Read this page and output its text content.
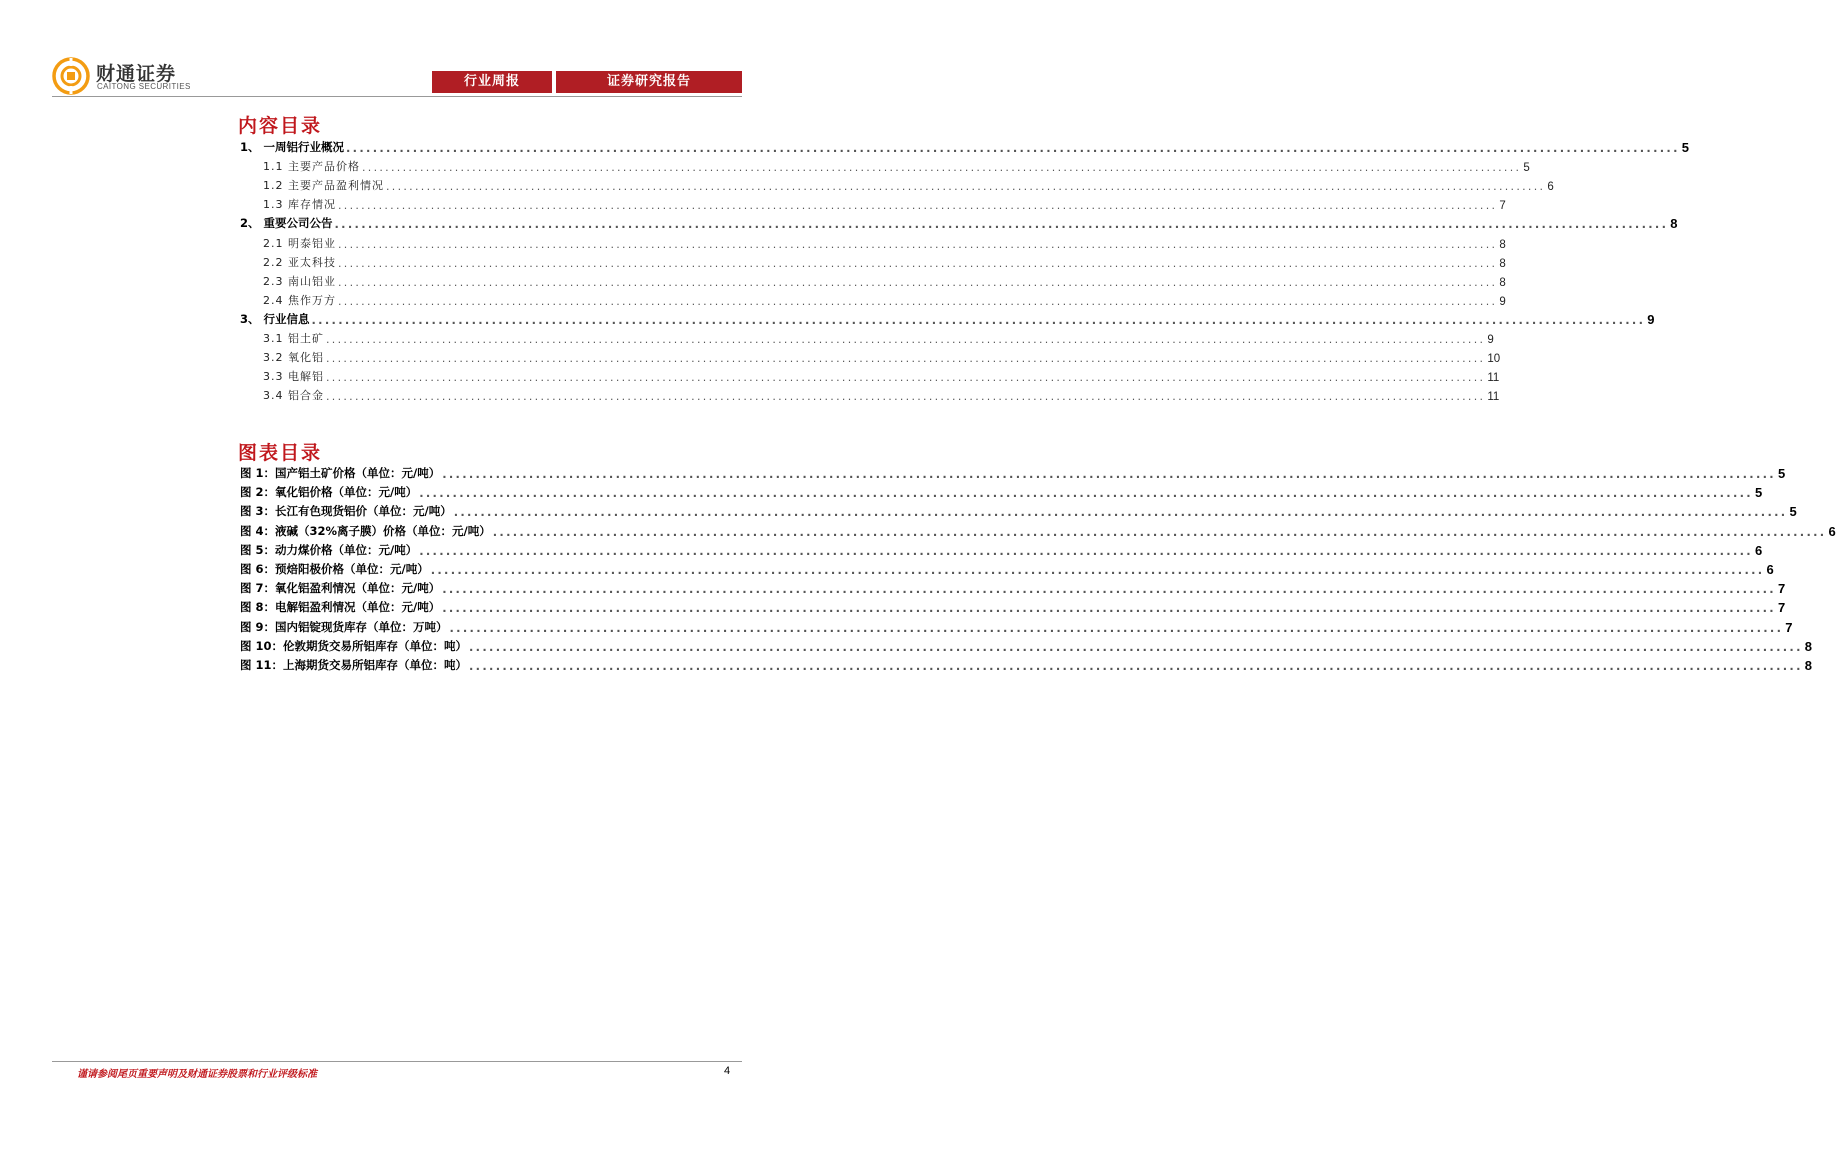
财通证券
CAITONG SECURITIES	行业周报	证券研究报告
内容目录
1、 一周铝行业概况 ........................................................................................................................................................................................................ 5
1.1 主要产品价格 ........................................................................................................................................................................................................ 5
1.2 主要产品盈利情况 ........................................................................................................................................................................................................ 6
1.3 库存情况 ........................................................................................................................................................................................................ 7
2、 重要公司公告 ........................................................................................................................................................................................................ 8
2.1 明泰铝业 ........................................................................................................................................................................................................ 8
2.2 亚太科技 ........................................................................................................................................................................................................ 8
2.3 南山铝业 ........................................................................................................................................................................................................ 8
2.4 焦作万方 ........................................................................................................................................................................................................ 9
3、 行业信息 ........................................................................................................................................................................................................ 9
3.1 铝土矿 ........................................................................................................................................................................................................ 9
3.2 氧化铝 ........................................................................................................................................................................................................ 10
3.3 电解铝 ........................................................................................................................................................................................................ 11
3.4 铝合金 ........................................................................................................................................................................................................ 11
图表目录
图 1：国产铝土矿价格（单位：元/吨） ........................................................................................................................................................................................................ 5
图 2：氧化铝价格（单位：元/吨） ........................................................................................................................................................................................................ 5
图 3：长江有色现货铝价（单位：元/吨） ........................................................................................................................................................................................................ 5
图 4：液碱（32%离子膜）价格（单位：元/吨） ........................................................................................................................................................................................................ 6
图 5：动力煤价格（单位：元/吨） ........................................................................................................................................................................................................ 6
图 6：预焙阳极价格（单位：元/吨） ........................................................................................................................................................................................................ 6
图 7：氧化铝盈利情况（单位：元/吨） ........................................................................................................................................................................................................ 7
图 8：电解铝盈利情况（单位：元/吨） ........................................................................................................................................................................................................ 7
图 9：国内铝锭现货库存（单位：万吨） ........................................................................................................................................................................................................ 7
图 10：伦敦期货交易所铝库存（单位：吨） ........................................................................................................................................................................................................ 8
图 11：上海期货交易所铝库存（单位：吨） ........................................................................................................................................................................................................ 8
谨请参阅尾页重要声明及财通证券股票和行业评级标准	4
